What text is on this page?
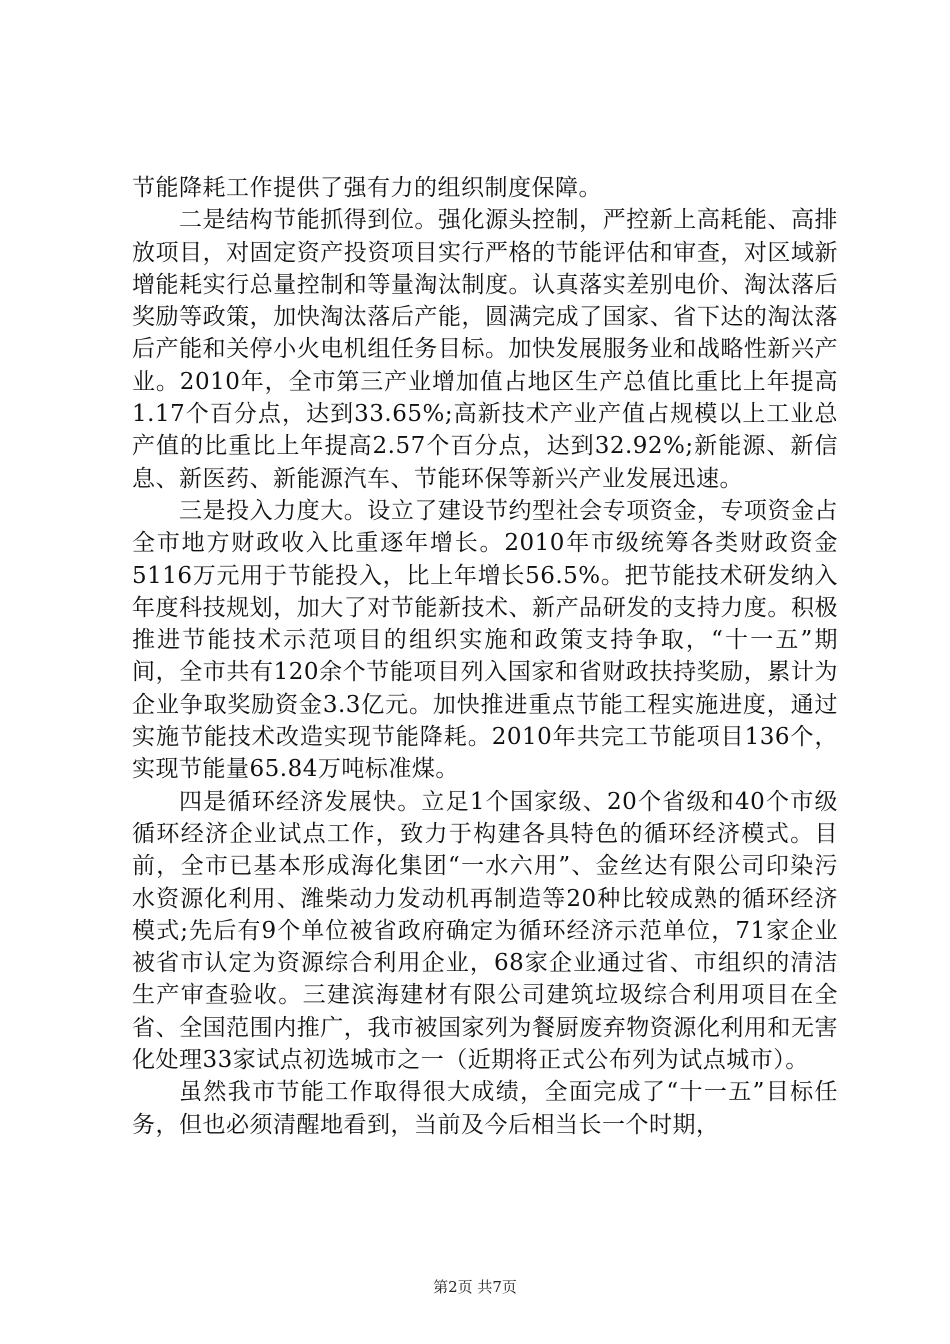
节能降耗工作提供了强有力的组织制度保障。

二是结构节能抓得到位。强化源头控制，严控新上高耗能、高排放项目，对固定资产投资项目实行严格的节能评估和审查，对区域新增能耗实行总量控制和等量淘汰制度。认真落实差别电价、淘汰落后奖励等政策，加快淘汰落后产能，圆满完成了国家、省下达的淘汰落后产能和关停小火电机组任务目标。加快发展服务业和战略性新兴产业。2010年，全市第三产业增加值占地区生产总值比重比上年提高1.17个百分点，达到33.65%;高新技术产业产值占规模以上工业总产值的比重比上年提高2.57个百分点，达到32.92%;新能源、新信息、新医药、新能源汽车、节能环保等新兴产业发展迅速。

三是投入力度大。设立了建设节约型社会专项资金，专项资金占全市地方财政收入比重逐年增长。2010年市级统筹各类财政资金5116万元用于节能投入，比上年增长56.5%。把节能技术研发纳入年度科技规划，加大了对节能新技术、新产品研发的支持力度。积极推进节能技术示范项目的组织实施和政策支持争取，“十一五”期间，全市共有120余个节能项目列入国家和省财政扶持奖励，累计为企业争取奖励资金3.3亿元。加快推进重点节能工程实施进度，通过实施节能技术改造实现节能降耗。2010年共完工节能项目136个，实现节能量65.84万吨标准煤。

四是循环经济发展快。立足1个国家级、20个省级和40个市级循环经济企业试点工作，致力于构建各具特色的循环经济模式。目前，全市已基本形成海化集团“一水六用”、金丝达有限公司印染污水资源化利用、潍柴动力发动机再制造等20种比较成熟的循环经济模式;先后有9个单位被省政府确定为循环经济示范单位，71家企业被省市认定为资源综合利用企业，68家企业通过省、市组织的清洁生产审查验收。三建滨海建材有限公司建筑垃圾综合利用项目在全省、全国范围内推广，我市被国家列为餐厨废弃物资源化利用和无害化处理33家试点初选城市之一（近期将正式公布列为试点城市）。

虽然我市节能工作取得很大成绩，全面完成了“十一五”目标任务，但也必须清醒地看到，当前及今后相当长一个时期，

第2页 共7页
